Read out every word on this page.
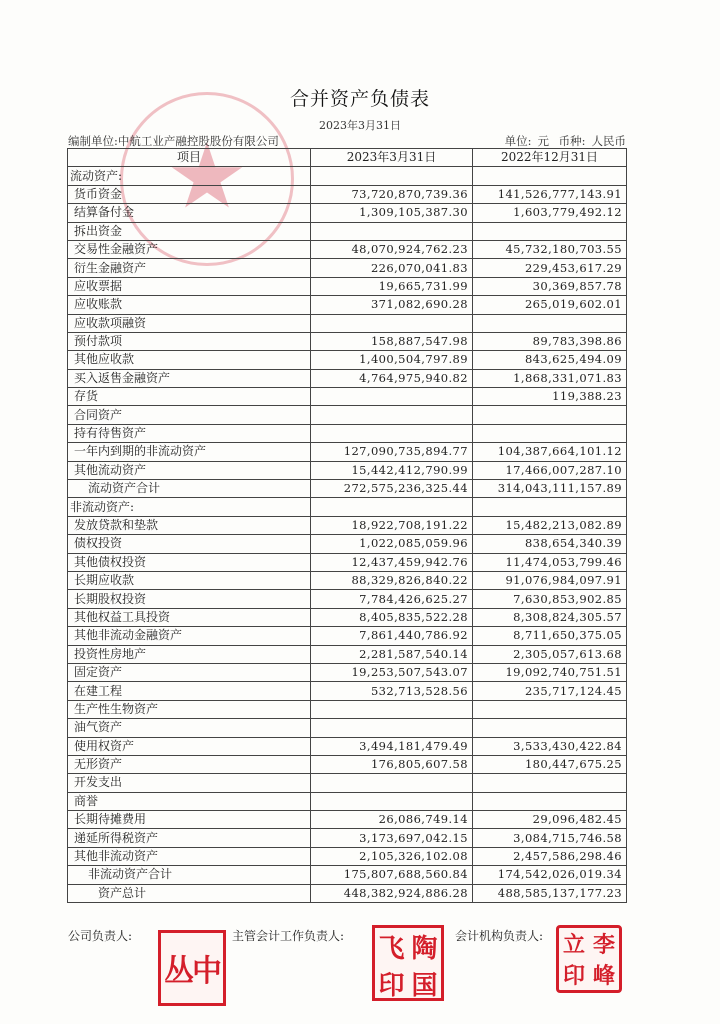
合并资产负债表
2023年3月31日
编制单位:中航工业产融控股股份有限公司	单位: 元 币种: 人民币
项目	2023年3月31日	2022年12月31日
流动资产:		
货币资金	73,720,870,739.36	141,526,777,143.91
结算备付金	1,309,105,387.30	1,603,779,492.12
拆出资金		
交易性金融资产	48,070,924,762.23	45,732,180,703.55
衍生金融资产	226,070,041.83	229,453,617.29
应收票据	19,665,731.99	30,369,857.78
应收账款	371,082,690.28	265,019,602.01
应收款项融资		
预付款项	158,887,547.98	89,783,398.86
其他应收款	1,400,504,797.89	843,625,494.09
买入返售金融资产	4,764,975,940.82	1,868,331,071.83
存货		119,388.23
合同资产		
持有待售资产		
一年内到期的非流动资产	127,090,735,894.77	104,387,664,101.12
其他流动资产	15,442,412,790.99	17,466,007,287.10
流动资产合计	272,575,236,325.44	314,043,111,157.89
非流动资产:		
发放贷款和垫款	18,922,708,191.22	15,482,213,082.89
债权投资	1,022,085,059.96	838,654,340.39
其他债权投资	12,437,459,942.76	11,474,053,799.46
长期应收款	88,329,826,840.22	91,076,984,097.91
长期股权投资	7,784,426,625.27	7,630,853,902.85
其他权益工具投资	8,405,835,522.28	8,308,824,305.57
其他非流动金融资产	7,861,440,786.92	8,711,650,375.05
投资性房地产	2,281,587,540.14	2,305,057,613.68
固定资产	19,253,507,543.07	19,092,740,751.51
在建工程	532,713,528.56	235,717,124.45
生产性生物资产		
油气资产		
使用权资产	3,494,181,479.49	3,533,430,422.84
无形资产	176,805,607.58	180,447,675.25
开发支出		
商誉		
长期待摊费用	26,086,749.14	29,096,482.45
递延所得税资产	3,173,697,042.15	3,084,715,746.58
其他非流动资产	2,105,326,102.08	2,457,586,298.46
非流动资产合计	175,807,688,560.84	174,542,026,019.34
资产总计	448,382,924,886.28	488,585,137,177.23
公司负责人:	主管会计工作负责人:	会计机构负责人:
丛中
飞 陶
印 国
立 李
印 峰
